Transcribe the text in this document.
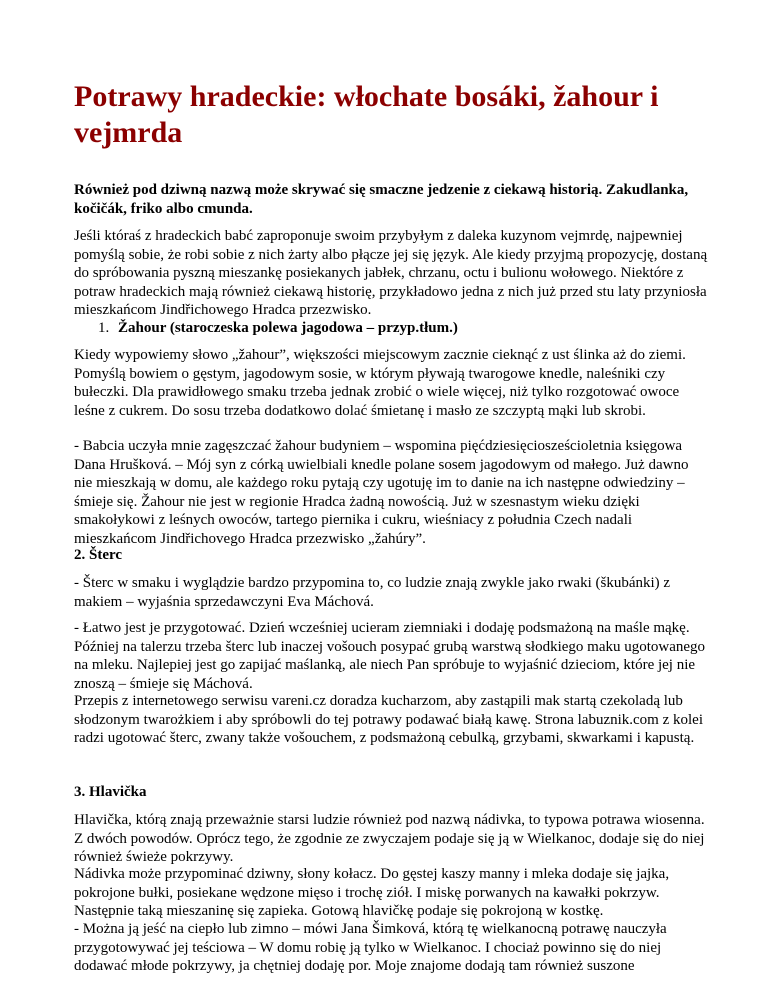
Potrawy hradeckie: włochate bosáki, žahour i vejmrda

Również pod dziwną nazwą może skrywać się smaczne jedzenie z ciekawą historią. Zakudlanka, kočičák, friko albo cmunda.

Jeśli któraś z hradeckich babć zaproponuje swoim przybyłym z daleka kuzynom vejmrdę, najpewniej pomyślą sobie, że robi sobie z nich żarty albo płącze jej się język. Ale kiedy przyjmą propozycję, dostaną do spróbowania pyszną mieszankę posiekanych jabłek, chrzanu, octu i bulionu wołowego. Niektóre z potraw hradeckich mają również ciekawą historię, przykładowo jedna z nich już przed stu laty przyniosła mieszkańcom Jindřichowego Hradca przezwisko.

1. Žahour (staroczeska polewa jagodowa – przyp.tłum.)

Kiedy wypowiemy słowo „žahour”, większości miejscowym zacznie cieknąć z ust ślinka aż do ziemi. Pomyślą bowiem o gęstym, jagodowym sosie, w którym pływają twarogowe knedle, naleśniki czy bułeczki. Dla prawidłowego smaku trzeba jednak zrobić o wiele więcej, niż tylko rozgotować owoce leśne z cukrem. Do sosu trzeba dodatkowo dolać śmietanę i masło ze szczyptą mąki lub skrobi.

- Babcia uczyła mnie zagęszczać žahour budyniem – wspomina pięćdziesięciosześcioletnia księgowa Dana Hrušková. – Mój syn z córką uwielbiali knedle polane sosem jagodowym od małego. Już dawno nie mieszkają w domu, ale każdego roku pytają czy ugotuję im to danie na ich następne odwiedziny – śmieje się. Žahour nie jest w regionie Hradca żadną nowością. Już w szesnastym wieku dzięki smakołykowi z leśnych owoców, tartego piernika i cukru, wieśniacy z południa Czech nadali mieszkańcom Jindřichovego Hradca przezwisko „žahúry”.

2. Šterc

- Šterc w smaku i wyglądzie bardzo przypomina to, co ludzie znają zwykle jako rwaki (škubánki) z makiem – wyjaśnia sprzedawczyni Eva Máchová.

- Łatwo jest je przygotować. Dzień wcześniej ucieram ziemniaki i dodaję podsmażoną na maśle mąkę. Później na talerzu trzeba šterc lub inaczej vošouch posypać grubą warstwą słodkiego maku ugotowanego na mleku. Najlepiej jest go zapijać maślanką, ale niech Pan spróbuje to wyjaśnić dzieciom, które jej nie znoszą – śmieje się Máchová.

Przepis z internetowego serwisu vareni.cz doradza kucharzom, aby zastąpili mak startą czekoladą lub słodzonym twarożkiem i aby spróbowli do tej potrawy podawać białą kawę. Strona labuznik.com z kolei radzi ugotować šterc, zwany także vošouchem, z podsmażoną cebulką, grzybami, skwarkami i kapustą.

3. Hlavička

Hlavička, którą znają przeważnie starsi ludzie również pod nazwą nádivka, to typowa potrawa wiosenna. Z dwóch powodów. Oprócz tego, że zgodnie ze zwyczajem podaje się ją w Wielkanoc, dodaje się do niej również świeże pokrzywy.

Nádivka może przypominać dziwny, słony kołacz. Do gęstej kaszy manny i mleka dodaje się jajka, pokrojone bułki, posiekane wędzone mięso i trochę ziół. I miskę porwanych na kawałki pokrzyw. Następnie taką mieszaninę się zapieka. Gotową hlavičkę podaje się pokrojoną w kostkę.

- Można ją jeść na ciepło lub zimno – mówi Jana Šimková, którą tę wielkanocną potrawę nauczyła przygotowywać jej teściowa – W domu robię ją tylko w Wielkanoc. I chociaż powinno się do niej dodawać młode pokrzywy, ja chętniej dodaję por. Moje znajome dodają tam również suszone
